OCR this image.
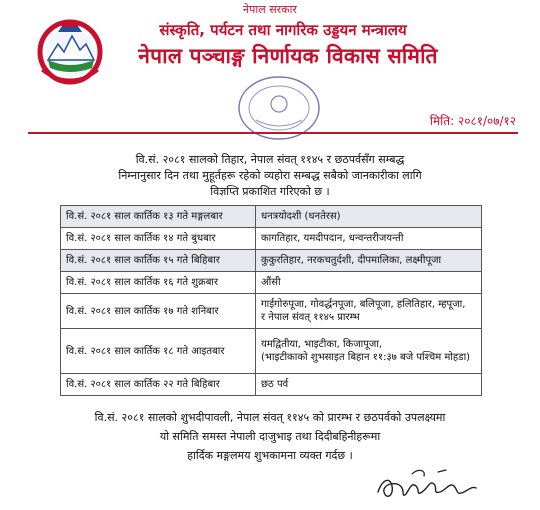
नेपाल सरकार
संस्कृति, पर्यटन तथा नागरिक उड्डयन मन्त्रालय
नेपाल पञ्चाङ्ग निर्णायक विकास समिति
मिति: २०८१/०७/१२
वि.सं. २०८१ सालको तिहार, नेपाल संवत् ११४५ र छठपर्वसँग सम्बद्ध
निम्नानुसार दिन तथा मुहूर्तहरू रहेको व्यहोरा सम्बद्ध सबैको जानकारीका लागि
विज्ञप्ति प्रकाशित गरिएको छ ।
वि.सं. २०८१ साल कार्तिक १३ गते मङ्गलबार	धनत्रयोदशी (धनतेरस)

वि.सं. २०८१ साल कार्तिक १४ गते बुधबार	कागतिहार, यमदीपदान, धन्वन्तरीजयन्ती

वि.सं. २०८१ साल कार्तिक १५ गते बिहिबार	कुकुरतिहार, नरकचतुर्दशी, दीपमालिका, लक्ष्मीपूजा

वि.सं. २०८१ साल कार्तिक १६ गते शुक्रबार	औंसी

वि.सं. २०८१ साल कार्तिक १७ गते शनिबार	गाईगोरुपूजा, गोवर्द्धनपूजा, बलिपूजा, हलितिहार, म्हपूजा,
र नेपाल संवत् ११४५ प्रारम्भ

वि.सं. २०८१ साल कार्तिक १८ गते आइतबार	यमद्वितीया, भाइटीका, किजापूजा,
(भाइटीकाको शुभसाइत बिहान ११:३७ बजे पश्चिम मोहडा)

वि.सं. २०८१ साल कार्तिक २२ गते बिहिबार	छठ पर्व
वि.सं. २०८१ सालको शुभदीपावली, नेपाल संवत् ११४५ को प्रारम्भ र छठपर्वको उपलक्ष्यमा
यो समिति समस्त नेपाली दाजुभाइ तथा दिदीबहिनीहरूमा
हार्दिक मङ्गलमय शुभकामना व्यक्त गर्दछ ।
